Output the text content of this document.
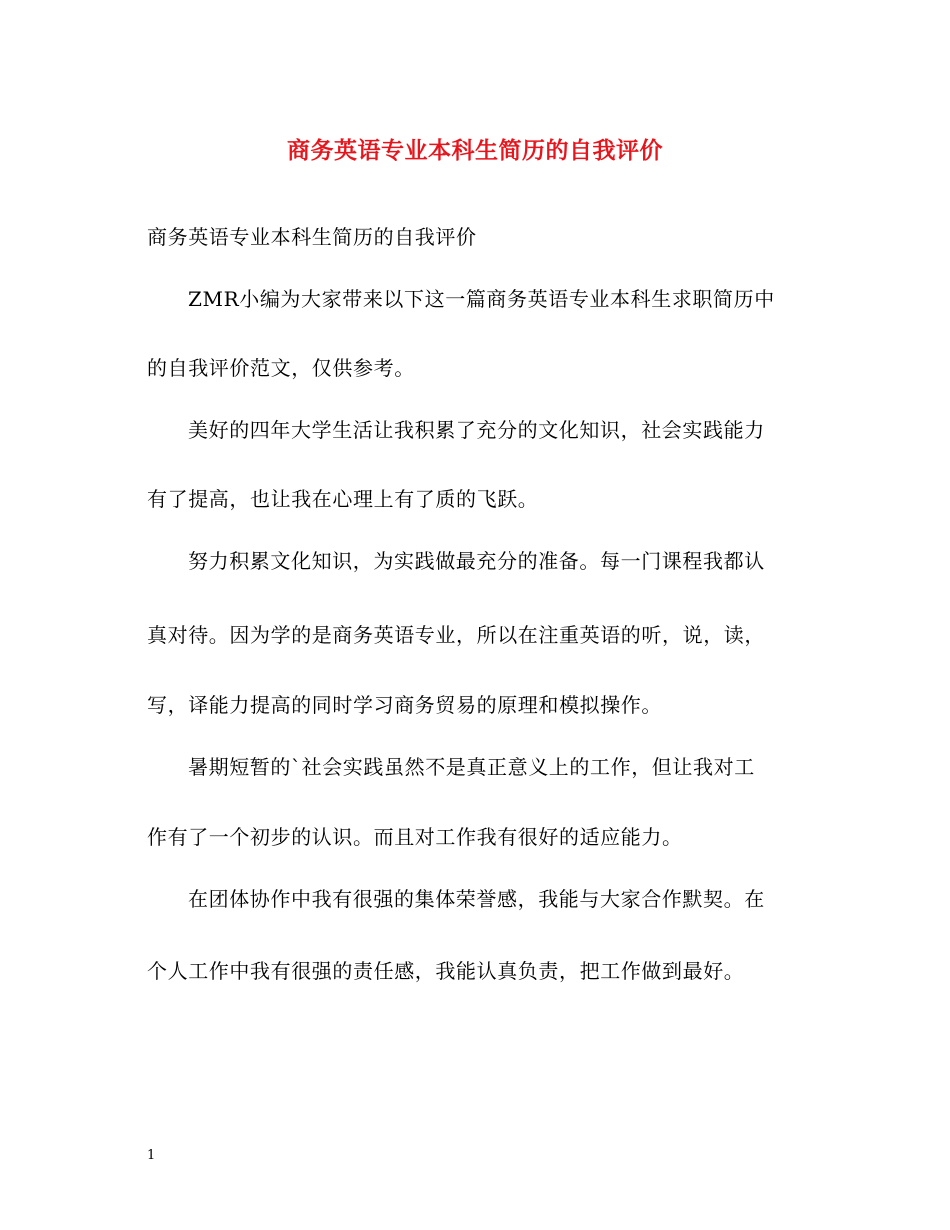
商务英语专业本科生简历的自我评价
商务英语专业本科生简历的自我评价
ZMR小编为大家带来以下这一篇商务英语专业本科生求职简历中
的自我评价范文，仅供参考。
美好的四年大学生活让我积累了充分的文化知识，社会实践能力
有了提高，也让我在心理上有了质的飞跃。
努力积累文化知识，为实践做最充分的准备。每一门课程我都认
真对待。因为学的是商务英语专业，所以在注重英语的听，说，读，
写，译能力提高的同时学习商务贸易的原理和模拟操作。
暑期短暂的`社会实践虽然不是真正意义上的工作，但让我对工
作有了一个初步的认识。而且对工作我有很好的适应能力。
在团体协作中我有很强的集体荣誉感，我能与大家合作默契。在
个人工作中我有很强的责任感，我能认真负责，把工作做到最好。
1
